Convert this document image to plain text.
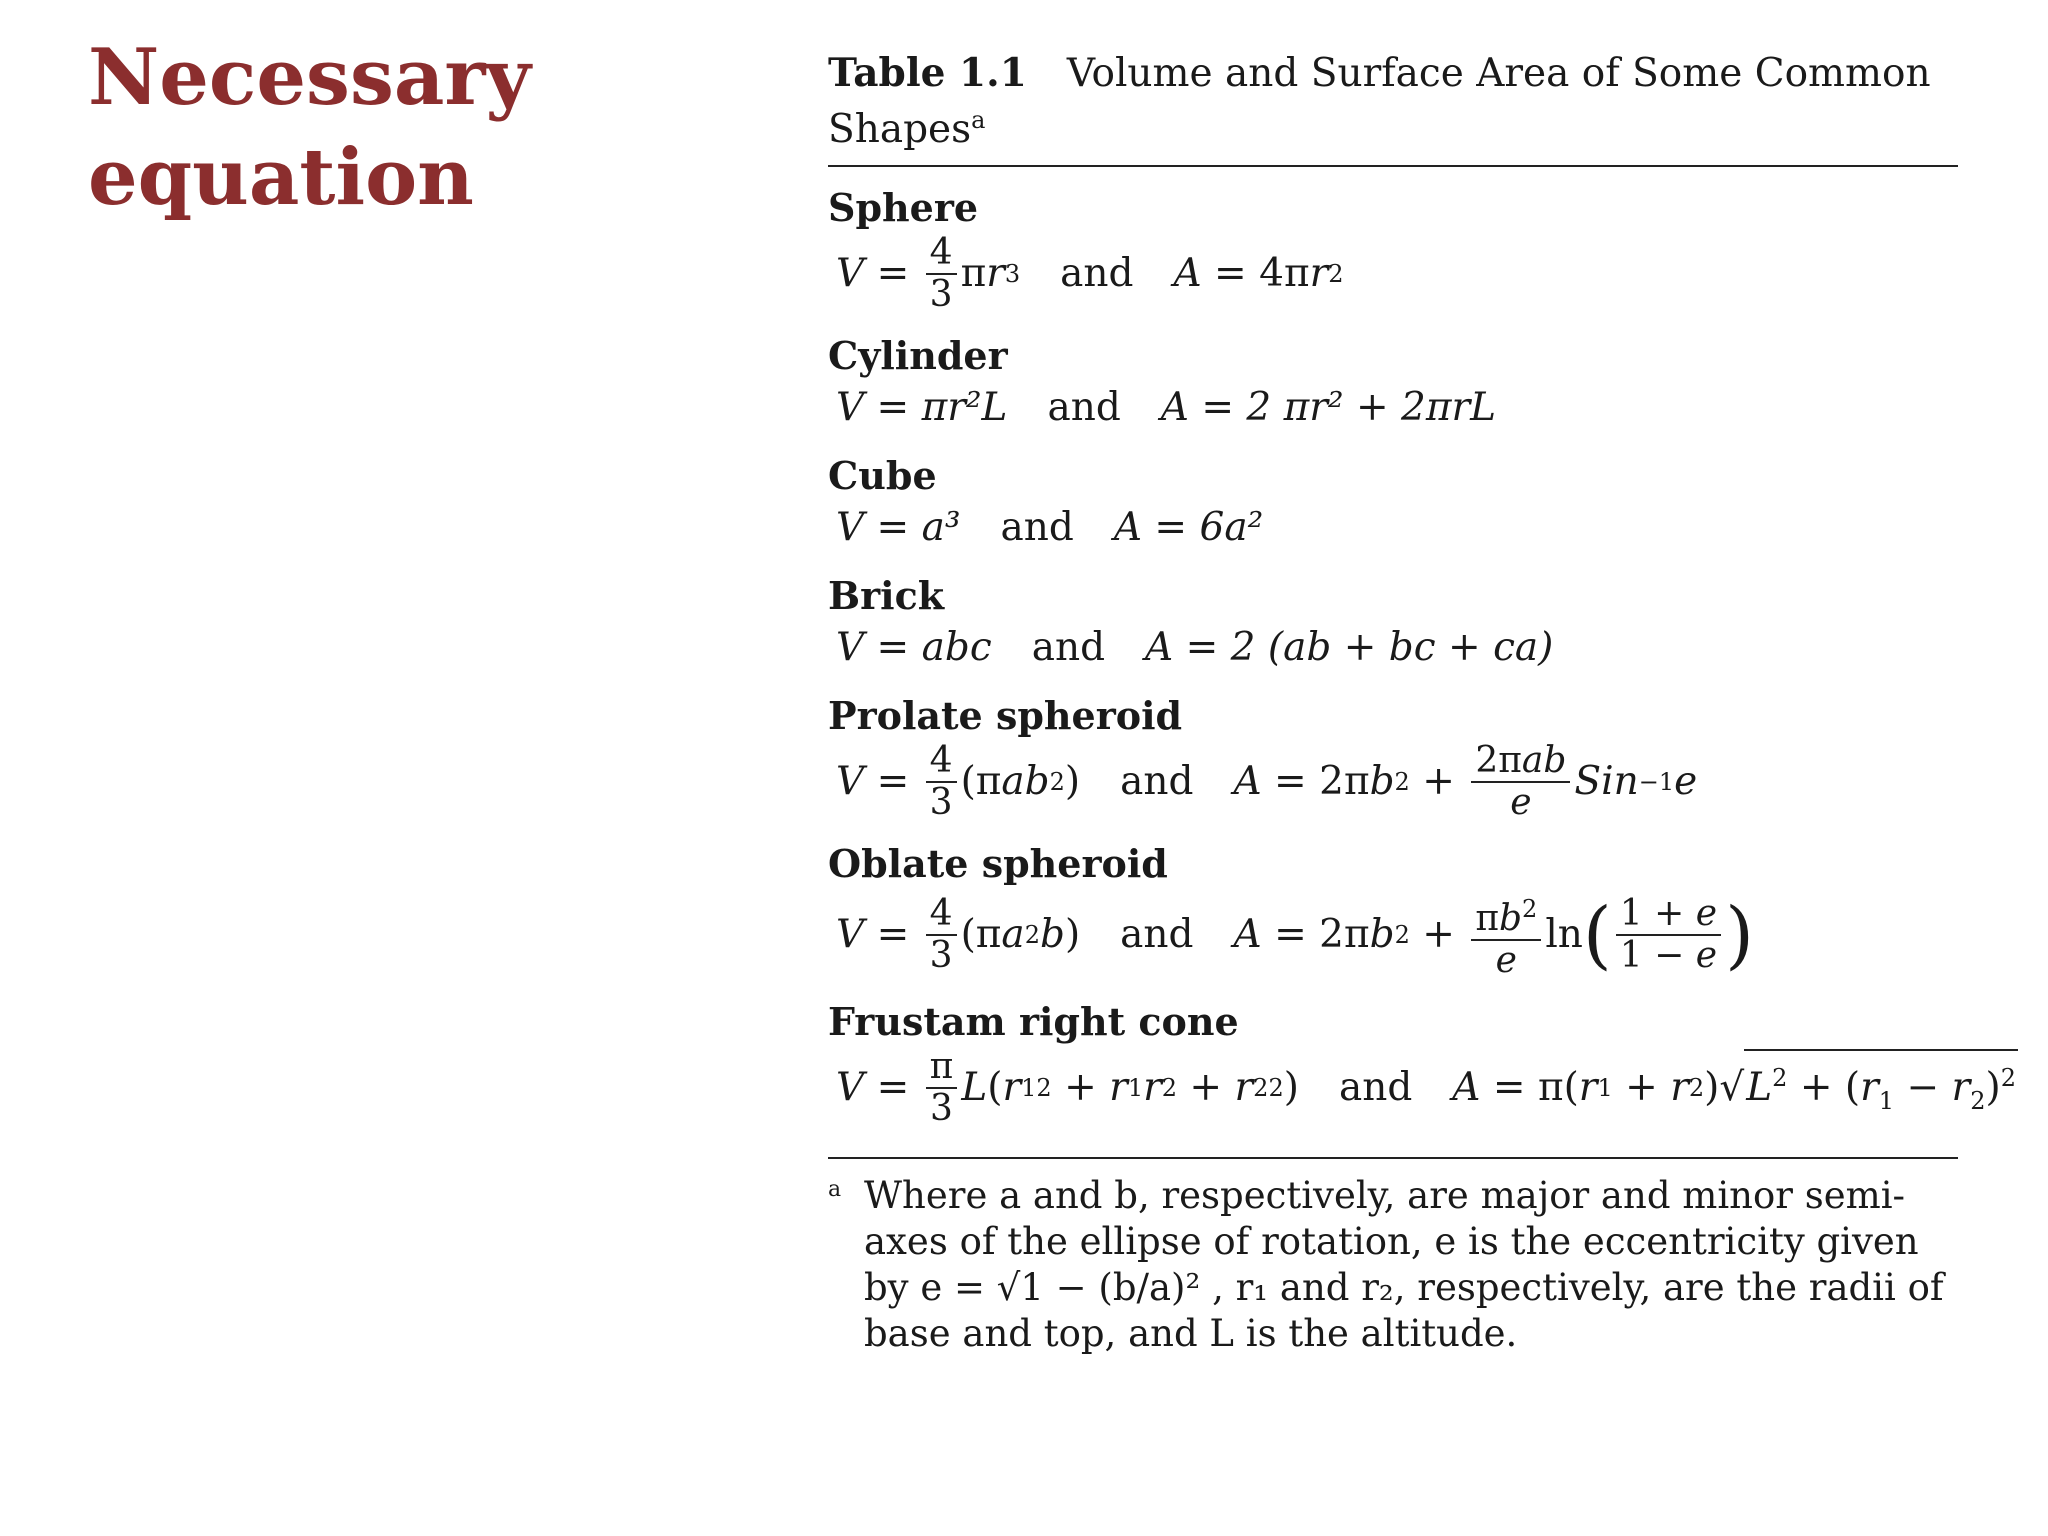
Necessary
equation
Table 1.1 Volume and Surface Area of Some Common Shapes$^a$
Sphere
$V = \frac{4}{3}$ π r 3 and A = 4π r 2
Cylinder
V = πr²L and A = 2 πr² + 2πrL
Cube
V = a³ and A = 6a²
Brick
V = abc and A = 2 (ab + bc + ca)
Prolate spheroid
$V = \frac{4}{3} (\pi$ ab 2 ) and A = 2π b $2 + \frac{\text{2πab}}{e}$ Sin −1 e
Oblate spheroid
$V = \frac{4}{3} (\pi$ a 2 b ) and A = 2π b $2 + \frac{\pi b^2}{e}$ ln ( $\frac{1 + e}{1 - e}$ )
Frustam right cone
$V = \frac{\pi}{3}$ L ( r 1 2 + r 1 r 2 + r 2 2 ) and A = π( r 1 + r 2 )√ $L^2 + (r_1 - r_2)^2$
a Where a and b, respectively, are major and minor semi-
axes of the ellipse of rotation, e is the eccentricity given
by e = √1 − (b/a)² , r₁ and r₂, respectively, are the radii of
base and top, and L is the altitude.
